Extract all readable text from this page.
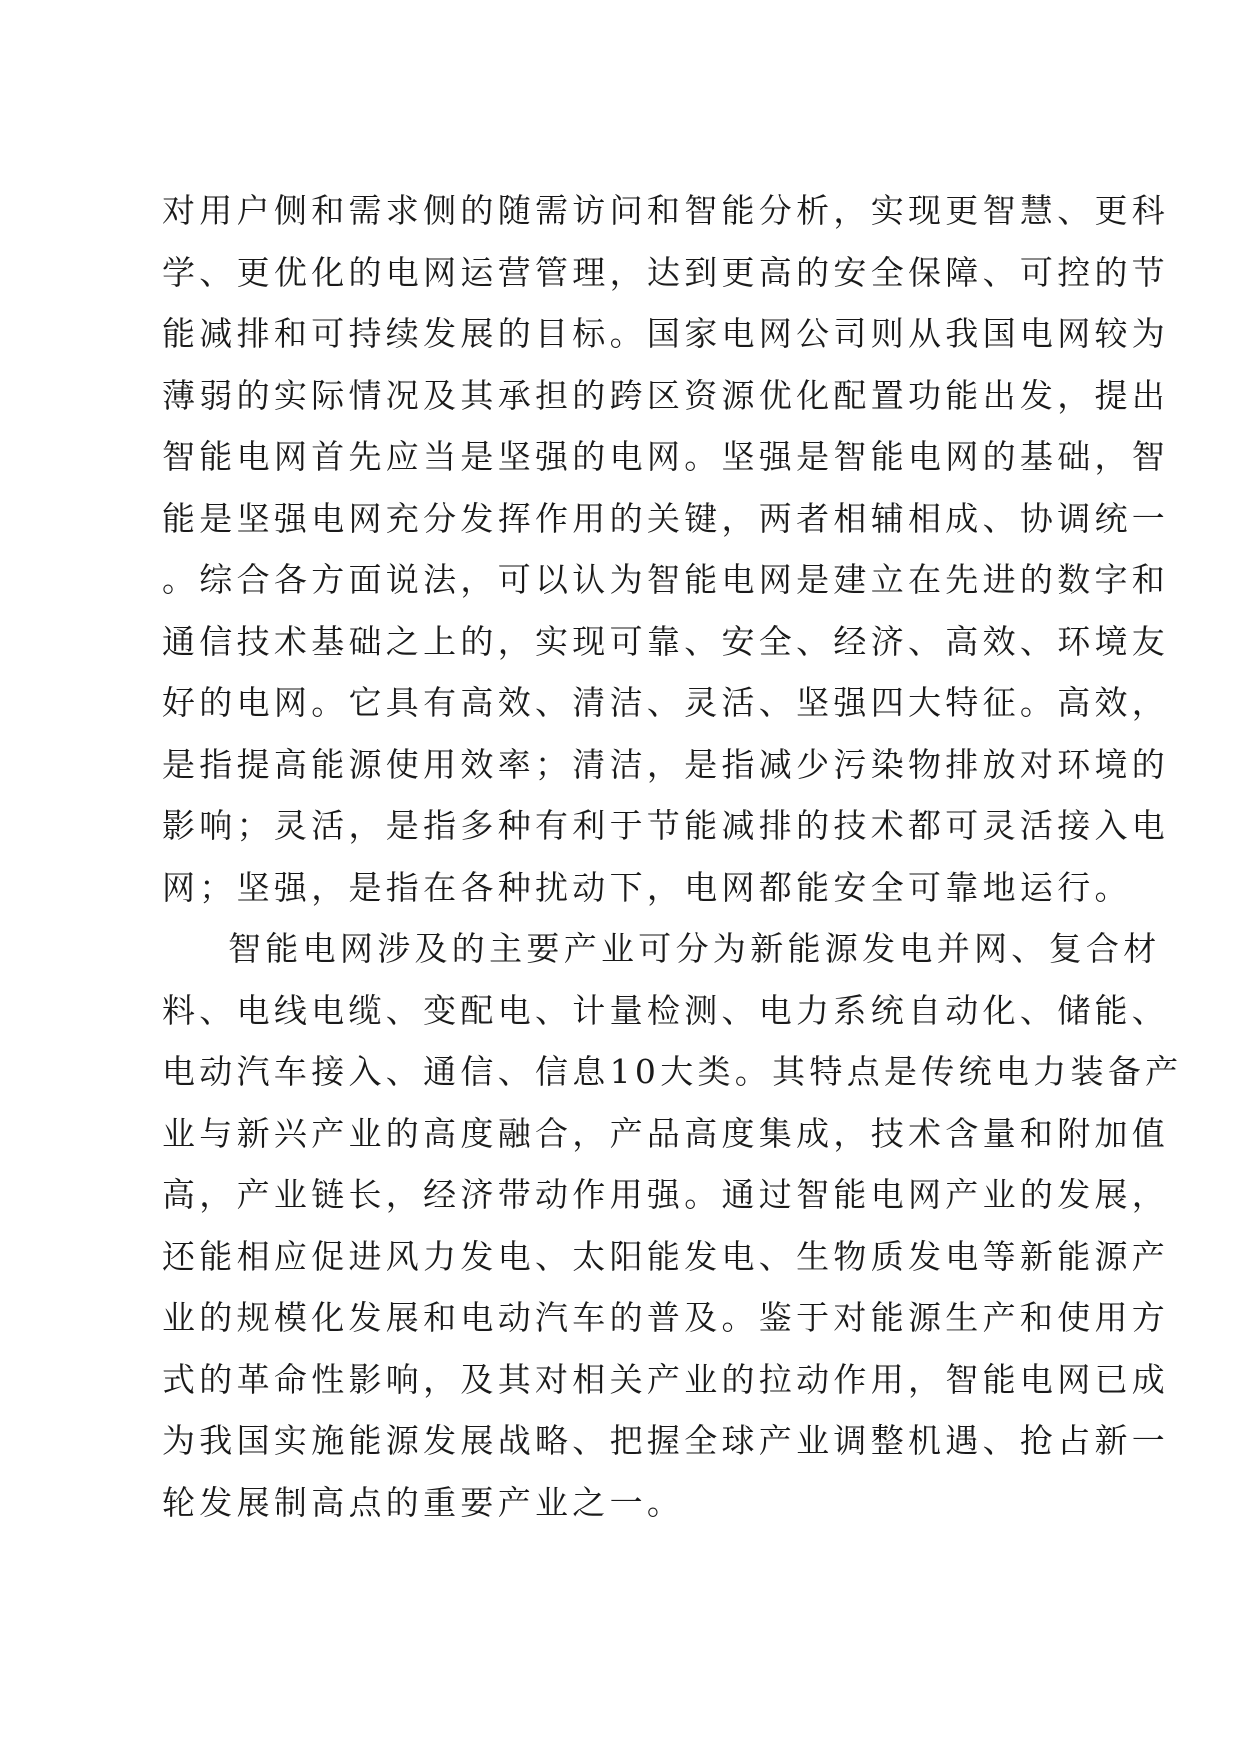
对用户侧和需求侧的随需访问和智能分析，实现更智慧、更科
学、更优化的电网运营管理，达到更高的安全保障、可控的节
能减排和可持续发展的目标。国家电网公司则从我国电网较为
薄弱的实际情况及其承担的跨区资源优化配置功能出发，提出
智能电网首先应当是坚强的电网。坚强是智能电网的基础，智
能是坚强电网充分发挥作用的关键，两者相辅相成、协调统一
。综合各方面说法，可以认为智能电网是建立在先进的数字和
通信技术基础之上的，实现可靠、安全、经济、高效、环境友
好的电网。它具有高效、清洁、灵活、坚强四大特征。高效，
是指提高能源使用效率；清洁，是指减少污染物排放对环境的
影响；灵活，是指多种有利于节能减排的技术都可灵活接入电
网；坚强，是指在各种扰动下，电网都能安全可靠地运行。
智能电网涉及的主要产业可分为新能源发电并网、复合材
料、电线电缆、变配电、计量检测、电力系统自动化、储能、
电动汽车接入、通信、信息10大类。其特点是传统电力装备产
业与新兴产业的高度融合，产品高度集成，技术含量和附加值
高，产业链长，经济带动作用强。通过智能电网产业的发展，
还能相应促进风力发电、太阳能发电、生物质发电等新能源产
业的规模化发展和电动汽车的普及。鉴于对能源生产和使用方
式的革命性影响，及其对相关产业的拉动作用，智能电网已成
为我国实施能源发展战略、把握全球产业调整机遇、抢占新一
轮发展制高点的重要产业之一。
